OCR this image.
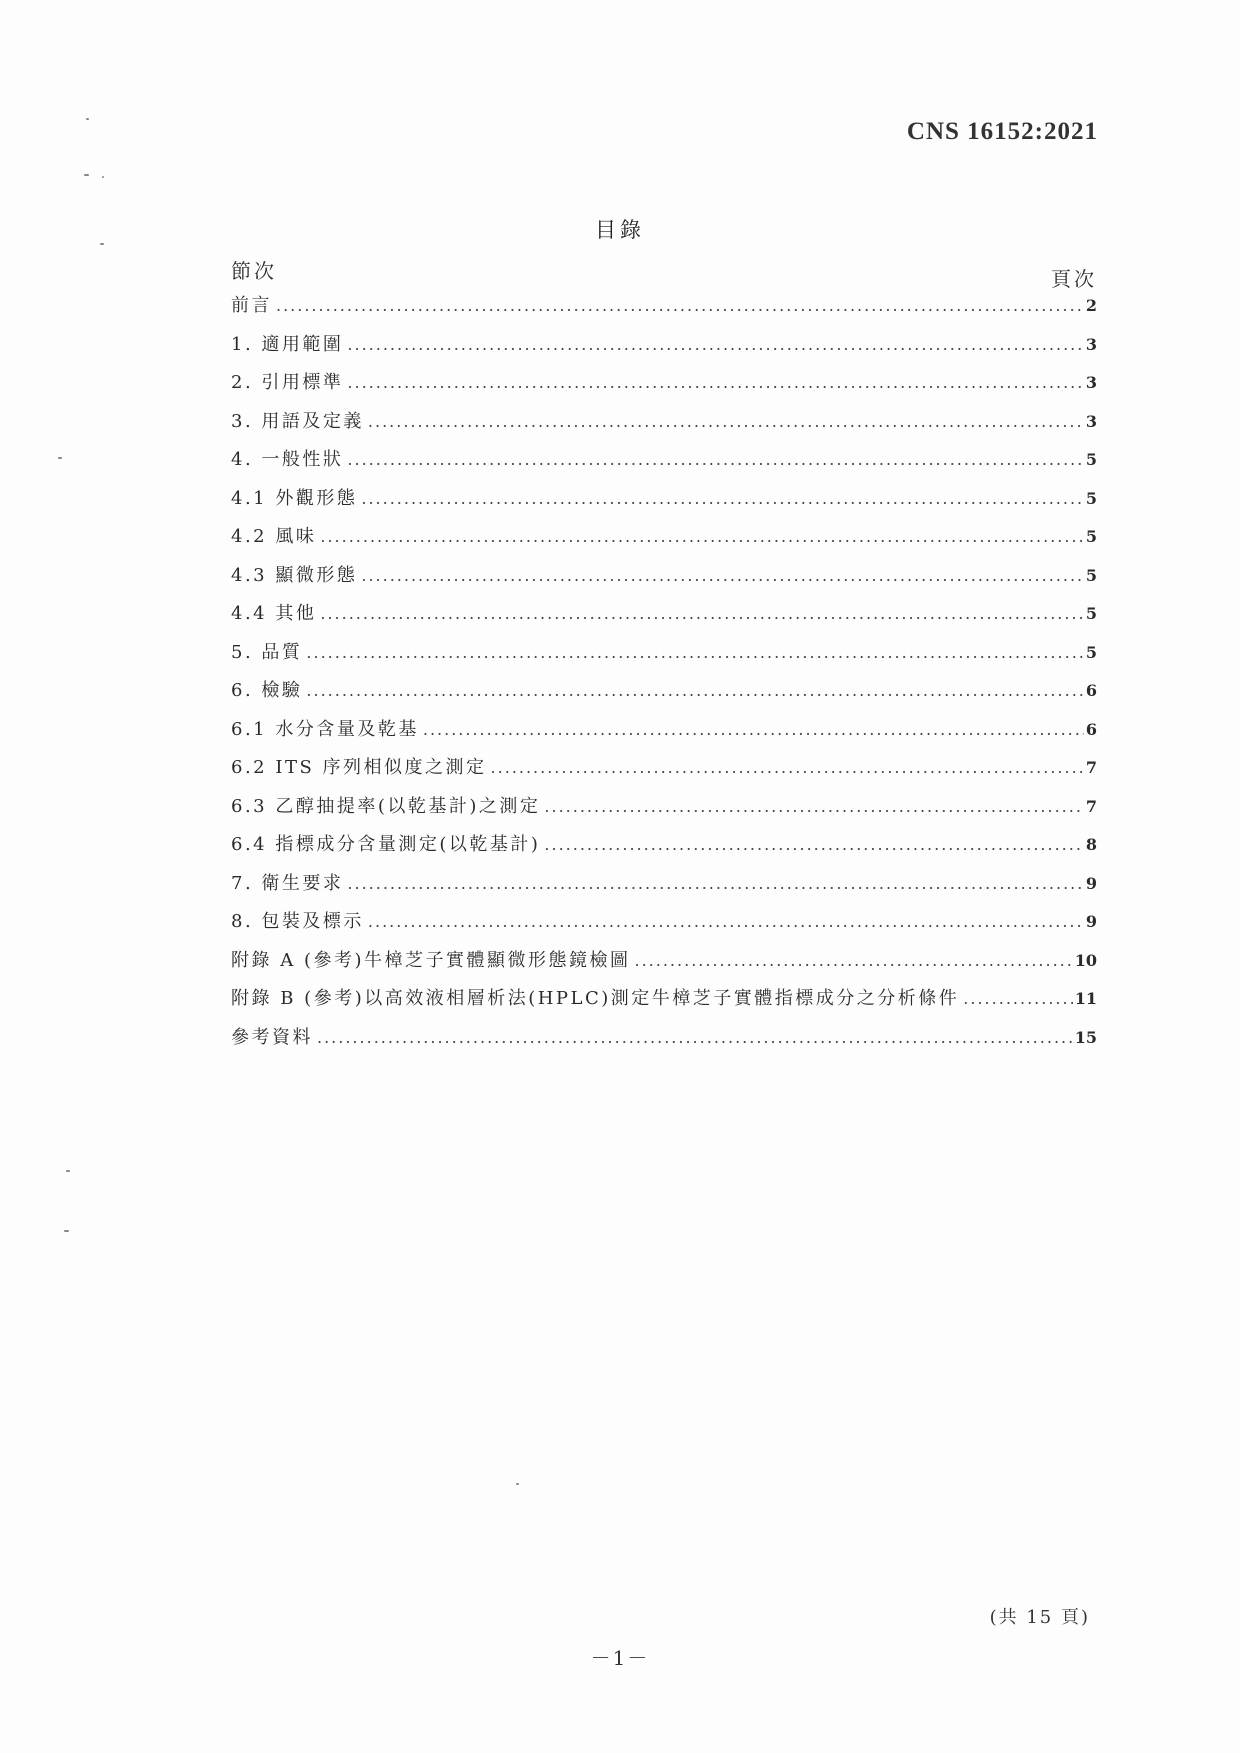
CNS 16152:2021
目錄
節次	頁次
前言 .....	2
1. 適用範圍 .....	3
2. 引用標準 .....	3
3. 用語及定義 .....	3
4. 一般性狀 .....	5
4.1 外觀形態 .....	5
4.2 風味 .....	5
4.3 顯微形態 .....	5
4.4 其他 .....	5
5. 品質 .....	5
6. 檢驗 .....	6
6.1 水分含量及乾基 .....	6
6.2 ITS 序列相似度之測定 .....	7
6.3 乙醇抽提率(以乾基計)之測定 .....	7
6.4 指標成分含量測定(以乾基計) .....	8
7. 衛生要求 .....	9
8. 包裝及標示 .....	9
附錄 A (參考)牛樟芝子實體顯微形態鏡檢圖 .....	10
附錄 B (參考)以高效液相層析法(HPLC)測定牛樟芝子實體指標成分之分析條件 .....	11
參考資料 .....	15
(共 15 頁)
－1－
